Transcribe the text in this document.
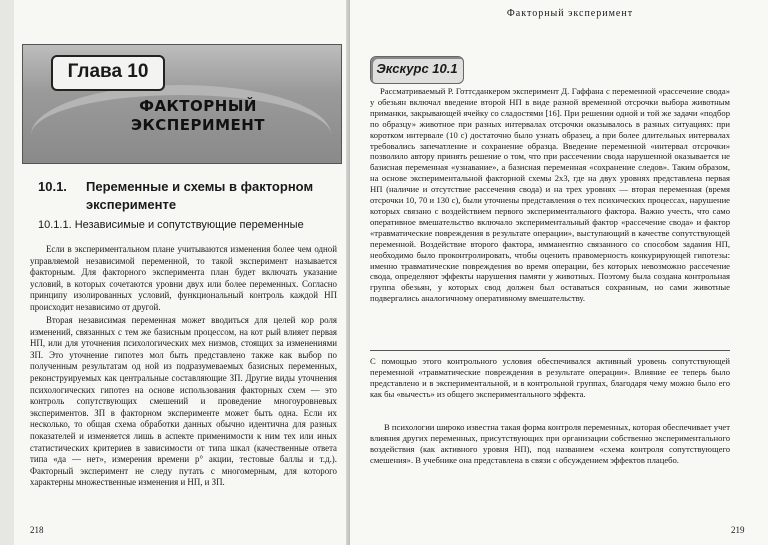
Глава 10
ФАКТОРНЫЙ ЭКСПЕРИМЕНТ
10.1. Переменные и схемы в факторном
эксперименте
10.1.1. Независимые и сопутствующие переменные

Если в экспериментальном плане учитываются изменения более чем одной управляемой независимой переменной, то такой эксперимент называется факторным. Для факторного эксперимента план будет включать указание условий, в которых сочетаются уровни двух или более переменных. Согласно принципу изолированных условий, функциональный контроль каждой НП происходит независимо от другой.

Вторая независимая переменная может вводиться для целей кор роля изменений, связанных с тем же базисным процессом, на кот рый влияет первая НП, или для уточнения психологических мех низмов, стоящих за изменениями ЗП. Это уточнение гипотез мол быть представлено также как выбор по полученным результатам од ной из подразумеваемых базисных переменных, реконструируемых как центральные составляющие ЗП. Другие виды уточнения психологических гипотез на основе использования факторных схем — это контроль сопутствующих смешений и проведение многоуровневых экспериментов. ЗП в факторном эксперименте может быть одна. Если их несколько, то общая схема обработки данных обычно идентична для разных показателей и изменяется лишь в аспекте применимости к ним тех или иных статистических критериев в зависимости от типа шкал (качественные ответа типа «да — нет», измерения времени р° акции, тестовые баллы и т.д.). Факторный эксперимент не следу путать с многомерным, для которого характерны множественные изменения и НП, и ЗП.

218
Факторный эксперимент
Экскурс 10.1

Рассматриваемый Р. Готтсданкером эксперимент Д. Гаффана с переменной «рассечение свода» у обезьян включал введение второй НП в виде разной временной отсрочки выбора животным приманки, закрывающей ячейку со сладостями [16]. При решении одной и той же задачи «подбор по образцу» животное при разных интервалах отсрочки оказывалось в разных ситуациях: при коротком интервале (10 с) достаточно было узнать образец, а при более длительных интервалах требовались запечатление и сохранение образца. Введение переменной «интервал отсрочки» позволило автору принять решение о том, что при рассечении свода нарушенной оказывается не базисная переменная «узнавание», а базисная переменная «сохранение следов». Таким образом, на основе экспериментальной факторной схемы 2х3, где на двух уровнях представлена первая НП (наличие и отсутствие рассечения свода) и на трех уровнях — вторая переменная (время отсрочки 10, 70 и 130 с), были уточнены представления о тех психических процессах, нарушение которых связано с воздействием первого экспериментального фактора. Важно учесть, что само оперативное вмешательство включало экспериментальный фактор «рассечение свода» и фактор «травматические повреждения в результате операции», выступающий в качестве сопутствующей переменной. Воздействие второго фактора, имманентно связанного со способом задания НП, необходимо было проконтролировать, чтобы оценить правомерность конкурирующей гипотезы: именно травматические повреждения во время операции, без которых невозможно рассечение свода, определяют эффекты нарушения памяти у животных. Поэтому была создана контрольная группа обезьян, у которых свод должен был оставаться сохранным, но сами животные подвергались аналогичному оперативному вмешательству.

С помощью этого контрольного условия обеспечивался активный уровень сопутствующей переменной «травматические повреждения в результате операции». Влияние ее теперь было представлено и в экспериментальной, и в контрольной группах, благодаря чему можно было его как бы «вычесть» из общего экспериментального эффекта.

В психологии широко известна такая форма контроля переменных, которая обеспечивает учет влияния других переменных, присутствующих при организации собственно экспериментального воздействия (как активного уровня НП), под названием «схема контроля сопутствующего смешения». В учебнике она представлена в связи с обсуждением эффектов плацебо.

219
